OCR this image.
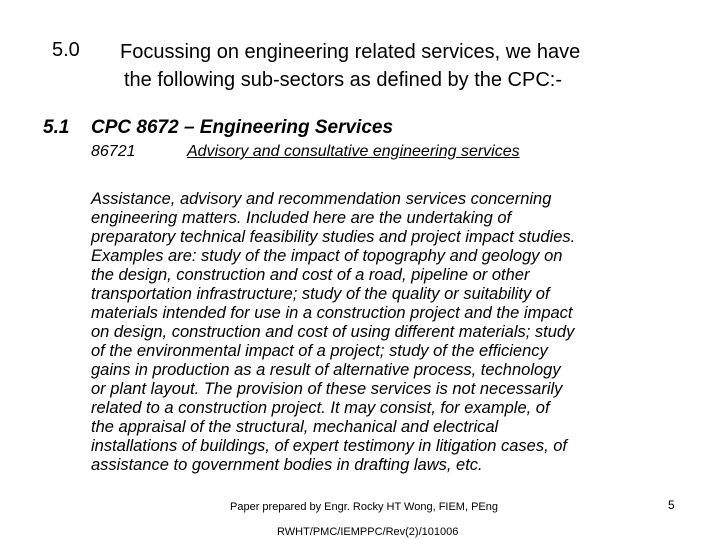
5.0 Focussing on engineering related services, we have
the following sub-sectors as defined by the CPC:-
5.1 CPC 8672 – Engineering Services
86721	Advisory and consultative engineering services
Assistance, advisory and recommendation services concerning
engineering matters. Included here are the undertaking of
preparatory technical feasibility studies and project impact studies.
Examples are: study of the impact of topography and geology on
the design, construction and cost of a road, pipeline or other
transportation infrastructure; study of the quality or suitability of
materials intended for use in a construction project and the impact
on design, construction and cost of using different materials; study
of the environmental impact of a project; study of the efficiency
gains in production as a result of alternative process, technology
or plant layout. The provision of these services is not necessarily
related to a construction project. It may consist, for example, of
the appraisal of the structural, mechanical and electrical
installations of buildings, of expert testimony in litigation cases, of
assistance to government bodies in drafting laws, etc.
Paper prepared by Engr. Rocky HT Wong, FIEM, PEng	5
RWHT/PMC/IEMPPC/Rev(2)/101006
